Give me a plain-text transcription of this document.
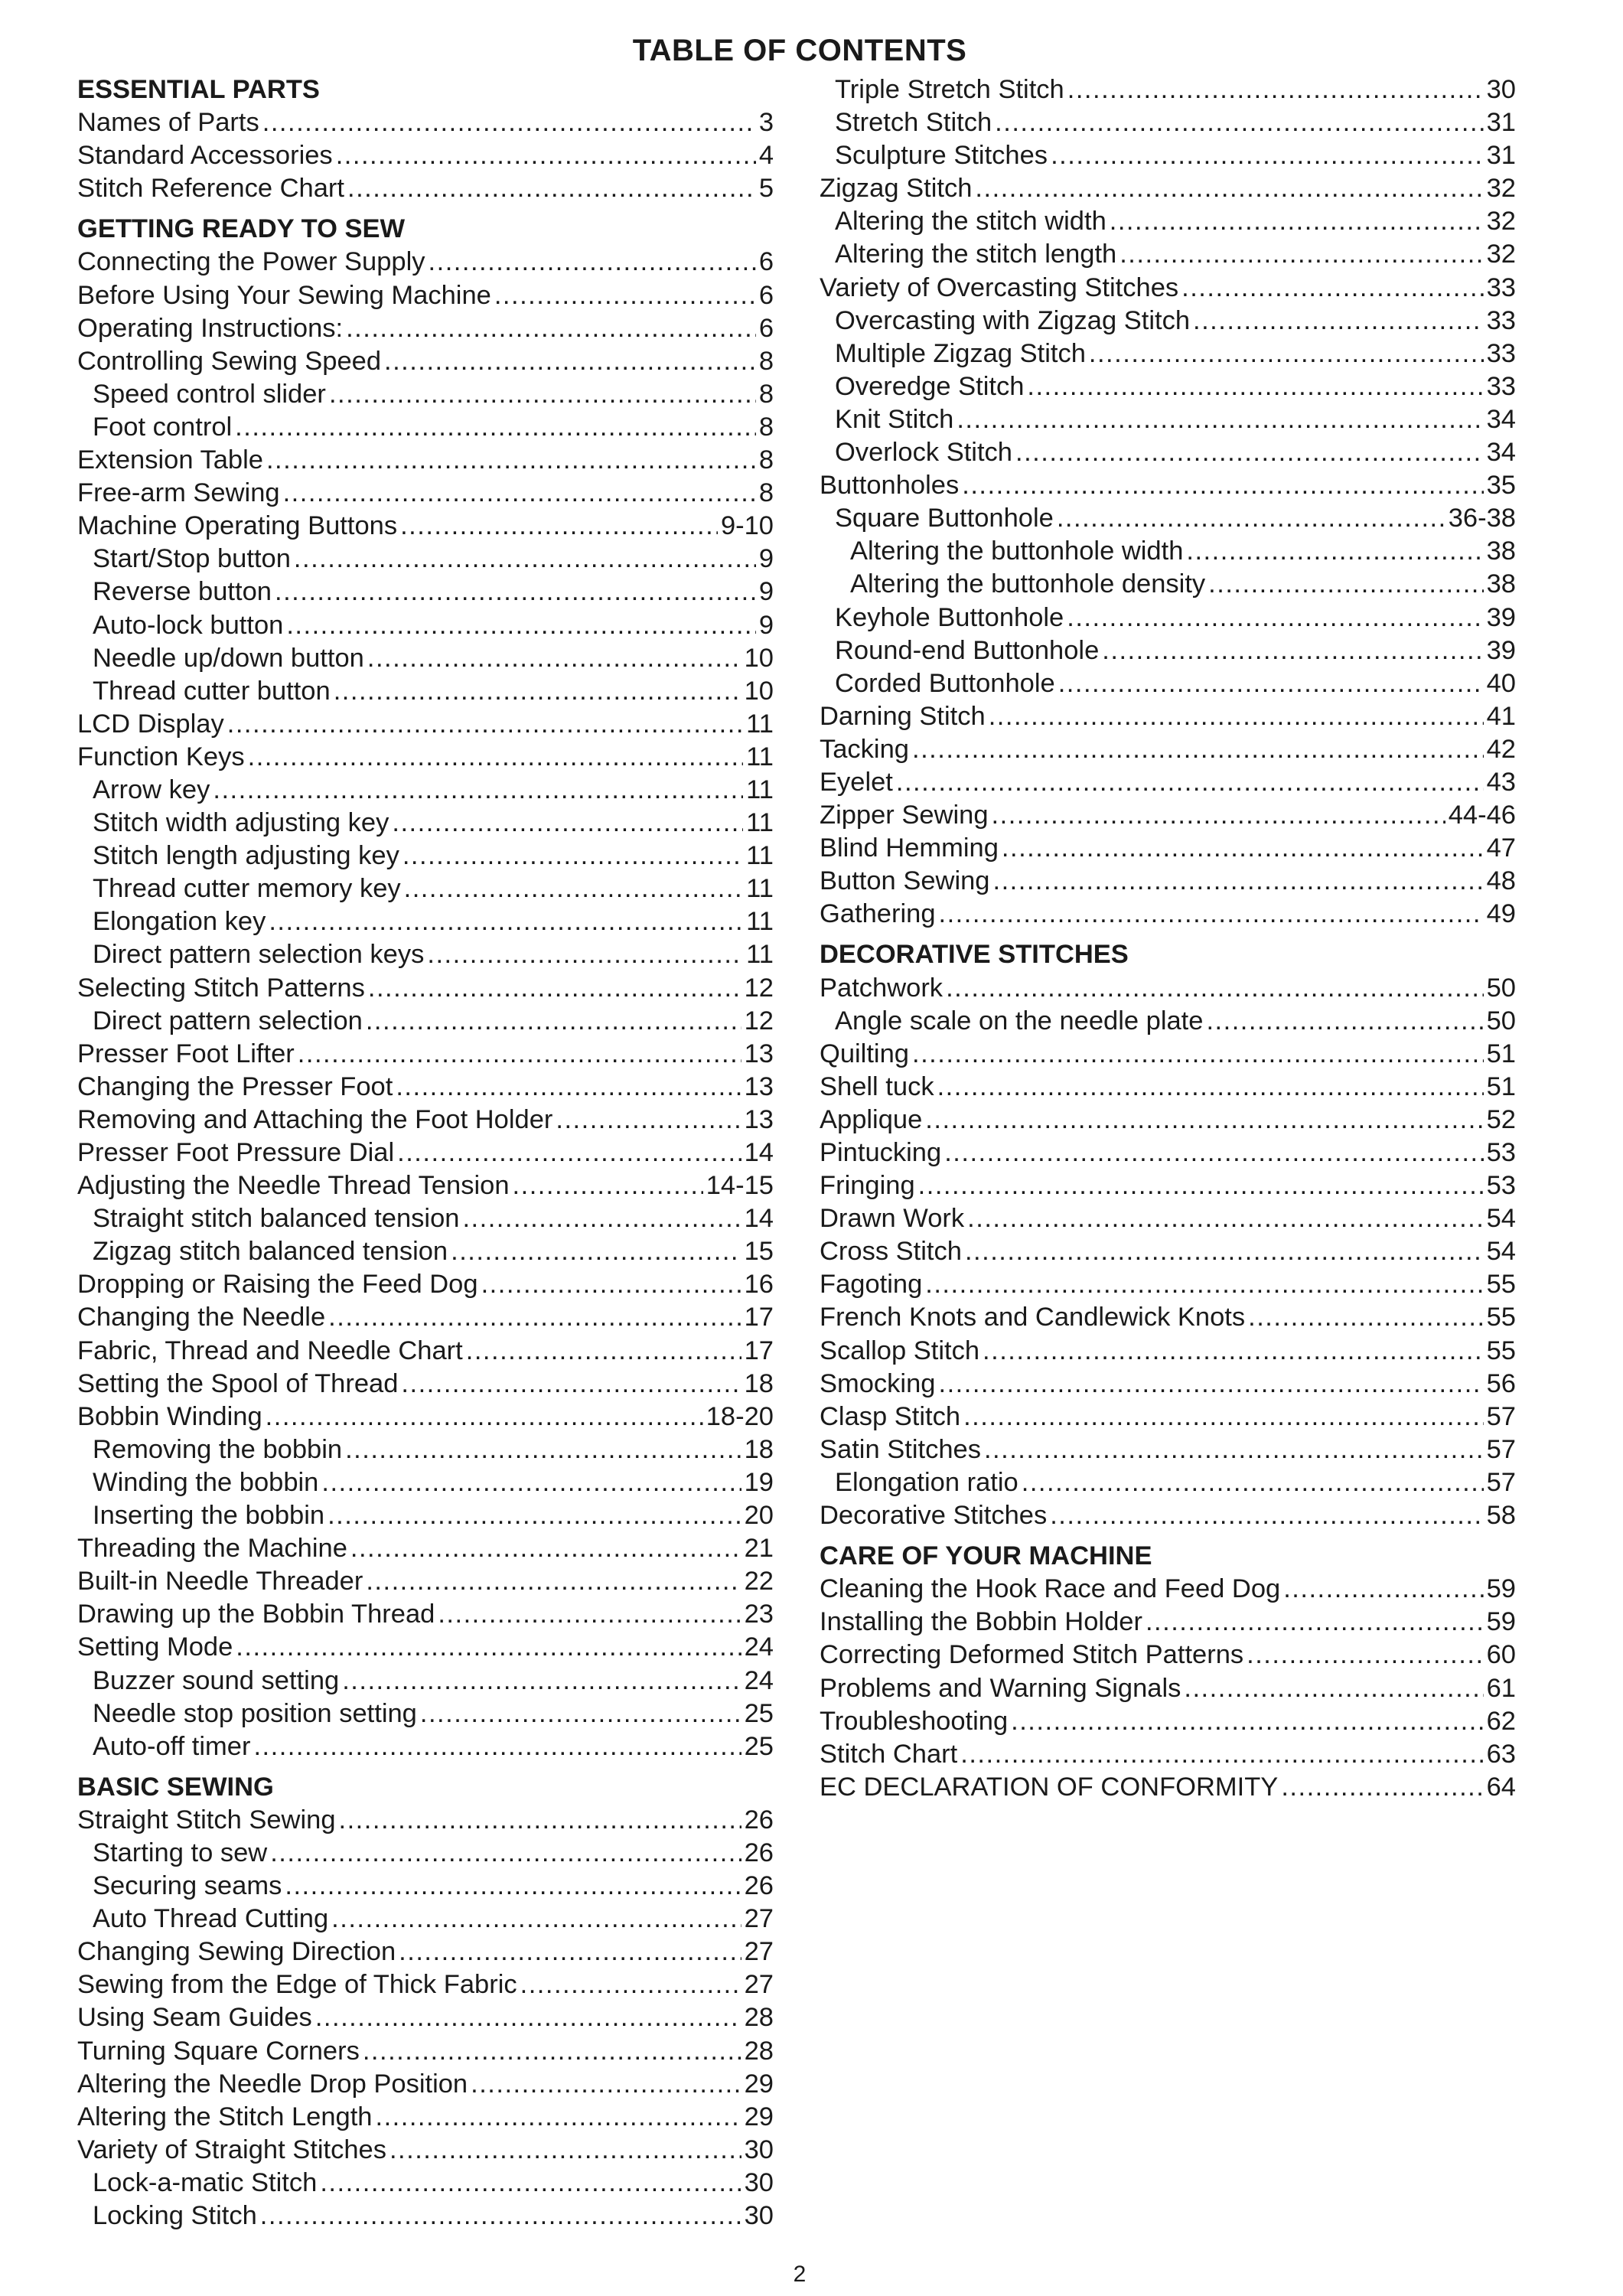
TABLE OF CONTENTS
ESSENTIAL PARTS
Names of Parts .....	3
Standard Accessories .....	4
Stitch Reference Chart .....	5
GETTING READY TO SEW
Connecting the Power Supply .....	6
Before Using Your Sewing Machine .....	6
Operating Instructions: .....	6
Controlling Sewing Speed .....	8
Speed control slider .....	8
Foot control .....	8
Extension Table .....	8
Free-arm Sewing .....	8
Machine Operating Buttons .....	9-10
Start/Stop button .....	9
Reverse button .....	9
Auto-lock button .....	9
Needle up/down button .....	10
Thread cutter button .....	10
LCD Display .....	11
Function Keys .....	11
Arrow key .....	11
Stitch width adjusting key .....	11
Stitch length adjusting key .....	11
Thread cutter memory key .....	11
Elongation key .....	11
Direct pattern selection keys .....	11
Selecting Stitch Patterns .....	12
Direct pattern selection .....	12
Presser Foot Lifter .....	13
Changing the Presser Foot .....	13
Removing and Attaching the Foot Holder .....	13
Presser Foot Pressure Dial .....	14
Adjusting the Needle Thread Tension .....	14-15
Straight stitch balanced tension .....	14
Zigzag stitch balanced tension .....	15
Dropping or Raising the Feed Dog .....	16
Changing the Needle .....	17
Fabric, Thread and Needle Chart .....	17
Setting the Spool of Thread .....	18
Bobbin Winding .....	18-20
Removing the bobbin .....	18
Winding the bobbin .....	19
Inserting the bobbin .....	20
Threading the Machine .....	21
Built-in Needle Threader .....	22
Drawing up the Bobbin Thread .....	23
Setting Mode .....	24
Buzzer sound setting .....	24
Needle stop position setting .....	25
Auto-off timer .....	25
BASIC SEWING
Straight Stitch Sewing .....	26
Starting to sew .....	26
Securing seams .....	26
Auto Thread Cutting .....	27
Changing Sewing Direction .....	27
Sewing from the Edge of Thick Fabric .....	27
Using Seam Guides .....	28
Turning Square Corners .....	28
Altering the Needle Drop Position .....	29
Altering the Stitch Length .....	29
Variety of Straight Stitches .....	30
Lock-a-matic Stitch .....	30
Locking Stitch .....	30
Triple Stretch Stitch .....	30
Stretch Stitch .....	31
Sculpture Stitches .....	31
Zigzag Stitch .....	32
Altering the stitch width .....	32
Altering the stitch length .....	32
Variety of Overcasting Stitches .....	33
Overcasting with Zigzag Stitch .....	33
Multiple Zigzag Stitch .....	33
Overedge Stitch .....	33
Knit Stitch .....	34
Overlock Stitch .....	34
Buttonholes .....	35
Square Buttonhole .....	36-38
Altering the buttonhole width .....	38
Altering the buttonhole density .....	38
Keyhole Buttonhole .....	39
Round-end Buttonhole .....	39
Corded Buttonhole .....	40
Darning Stitch .....	41
Tacking .....	42
Eyelet .....	43
Zipper Sewing .....	44-46
Blind Hemming .....	47
Button Sewing .....	48
Gathering .....	49
DECORATIVE STITCHES
Patchwork .....	50
Angle scale on the needle plate .....	50
Quilting .....	51
Shell tuck .....	51
Applique .....	52
Pintucking .....	53
Fringing .....	53
Drawn Work .....	54
Cross Stitch .....	54
Fagoting .....	55
French Knots and Candlewick Knots .....	55
Scallop Stitch .....	55
Smocking .....	56
Clasp Stitch .....	57
Satin Stitches .....	57
Elongation ratio .....	57
Decorative Stitches .....	58
CARE OF YOUR MACHINE
Cleaning the Hook Race and Feed Dog .....	59
Installing the Bobbin Holder .....	59
Correcting Deformed Stitch Patterns .....	60
Problems and Warning Signals .....	61
Troubleshooting .....	62
Stitch Chart .....	63
EC DECLARATION OF CONFORMITY .....	64
2
